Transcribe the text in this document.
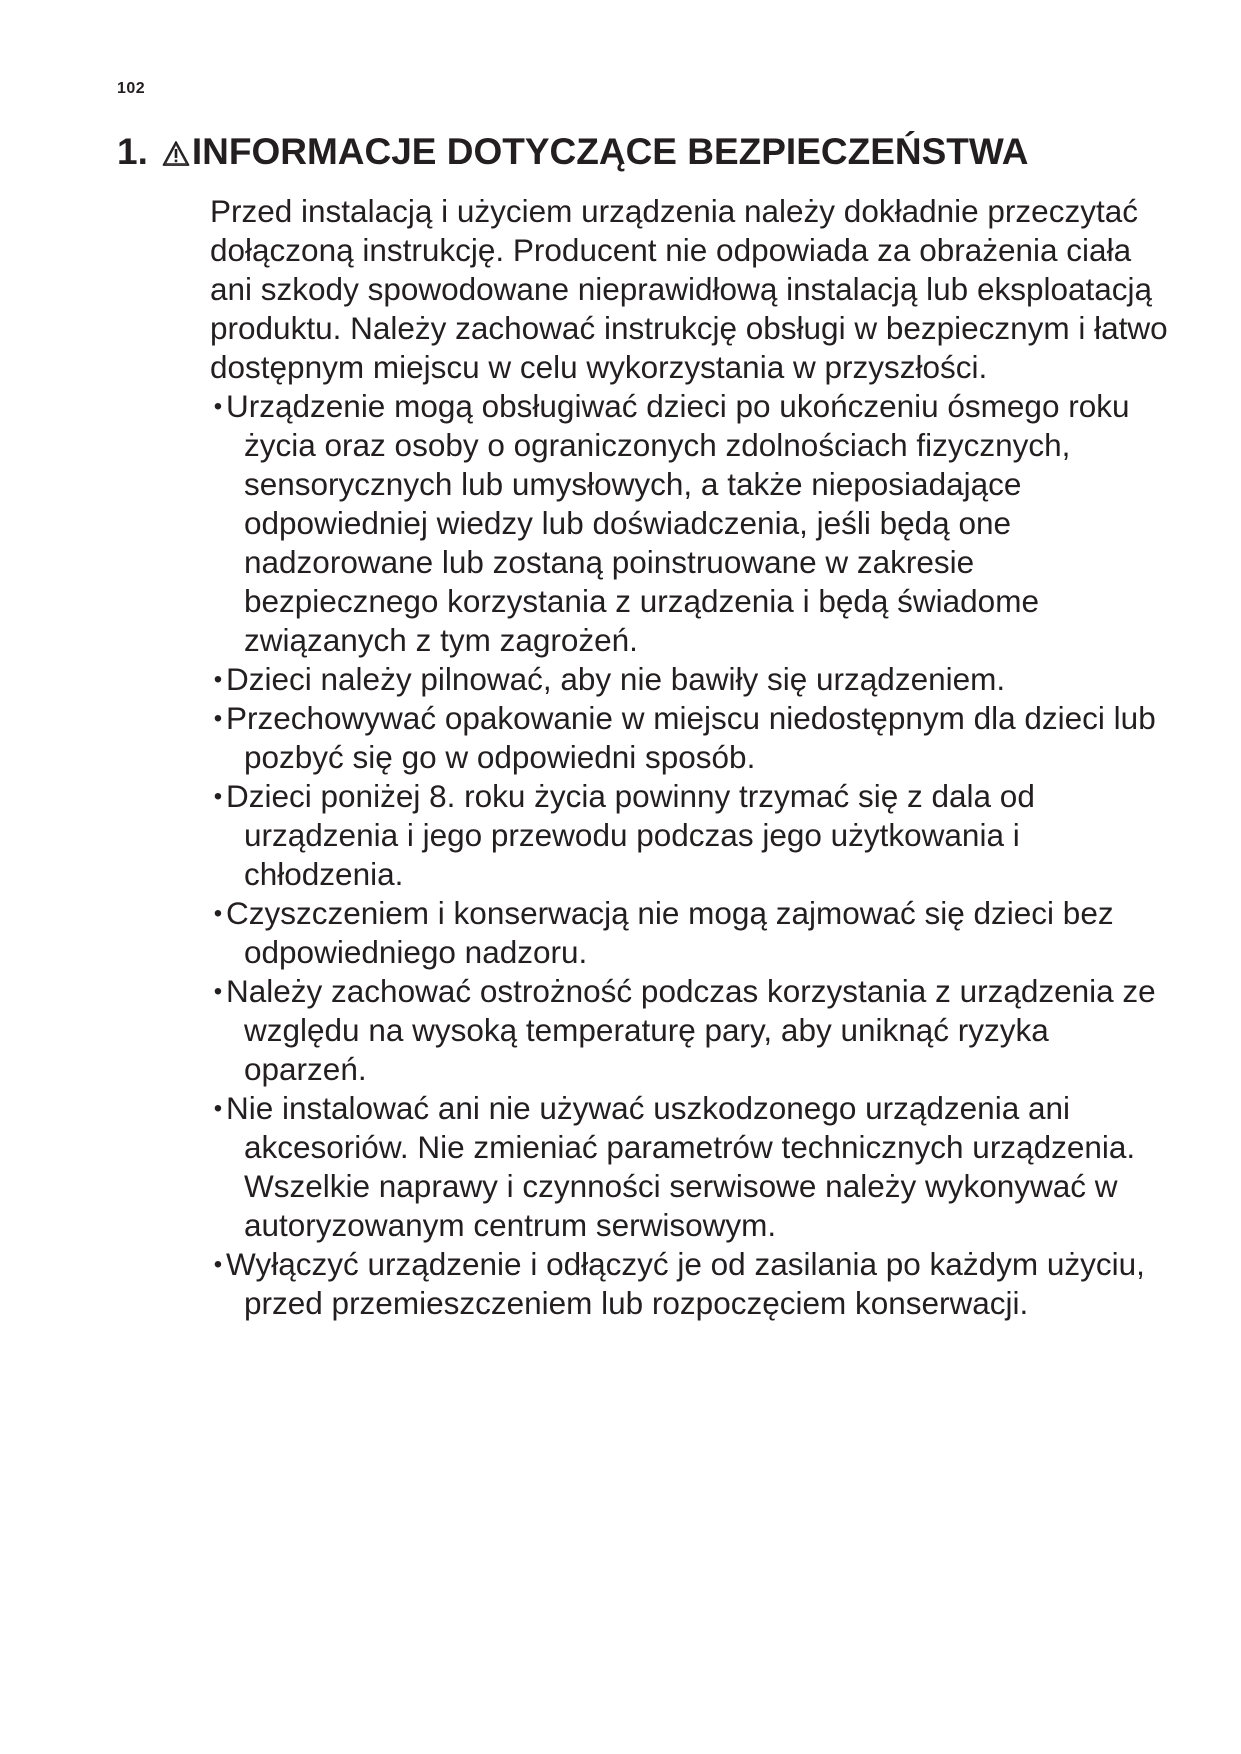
102
1. INFORMACJE DOTYCZĄCE BEZPIECZEŃSTWA

Przed instalacją i użyciem urządzenia należy dokładnie przeczytać dołączoną instrukcję. Producent nie odpowiada za obrażenia ciała ani szkody spowodowane nieprawidłową instalacją lub eksploatacją produktu. Należy zachować instrukcję obsługi w bezpiecznym i łatwo dostępnym miejscu w celu wykorzystania w przyszłości.

• Urządzenie mogą obsługiwać dzieci po ukończeniu ósmego roku życia oraz osoby o ograniczonych zdolnościach fizycznych, sensorycznych lub umysłowych, a także nieposiadające odpowiedniej wiedzy lub doświadczenia, jeśli będą one nadzorowane lub zostaną poinstruowane w zakresie bezpiecznego korzystania z urządzenia i będą świadome związanych z tym zagrożeń.
• Dzieci należy pilnować, aby nie bawiły się urządzeniem.
• Przechowywać opakowanie w miejscu niedostępnym dla dzieci lub pozbyć się go w odpowiedni sposób.
• Dzieci poniżej 8. roku życia powinny trzymać się z dala od urządzenia i jego przewodu podczas jego użytkowania i chłodzenia.
• Czyszczeniem i konserwacją nie mogą zajmować się dzieci bez odpowiedniego nadzoru.
• Należy zachować ostrożność podczas korzystania z urządzenia ze względu na wysoką temperaturę pary, aby uniknąć ryzyka oparzeń.
• Nie instalować ani nie używać uszkodzonego urządzenia ani akcesoriów. Nie zmieniać parametrów technicznych urządzenia. Wszelkie naprawy i czynności serwisowe należy wykonywać w autoryzowanym centrum serwisowym.
• Wyłączyć urządzenie i odłączyć je od zasilania po każdym użyciu, przed przemieszczeniem lub rozpoczęciem konserwacji.
